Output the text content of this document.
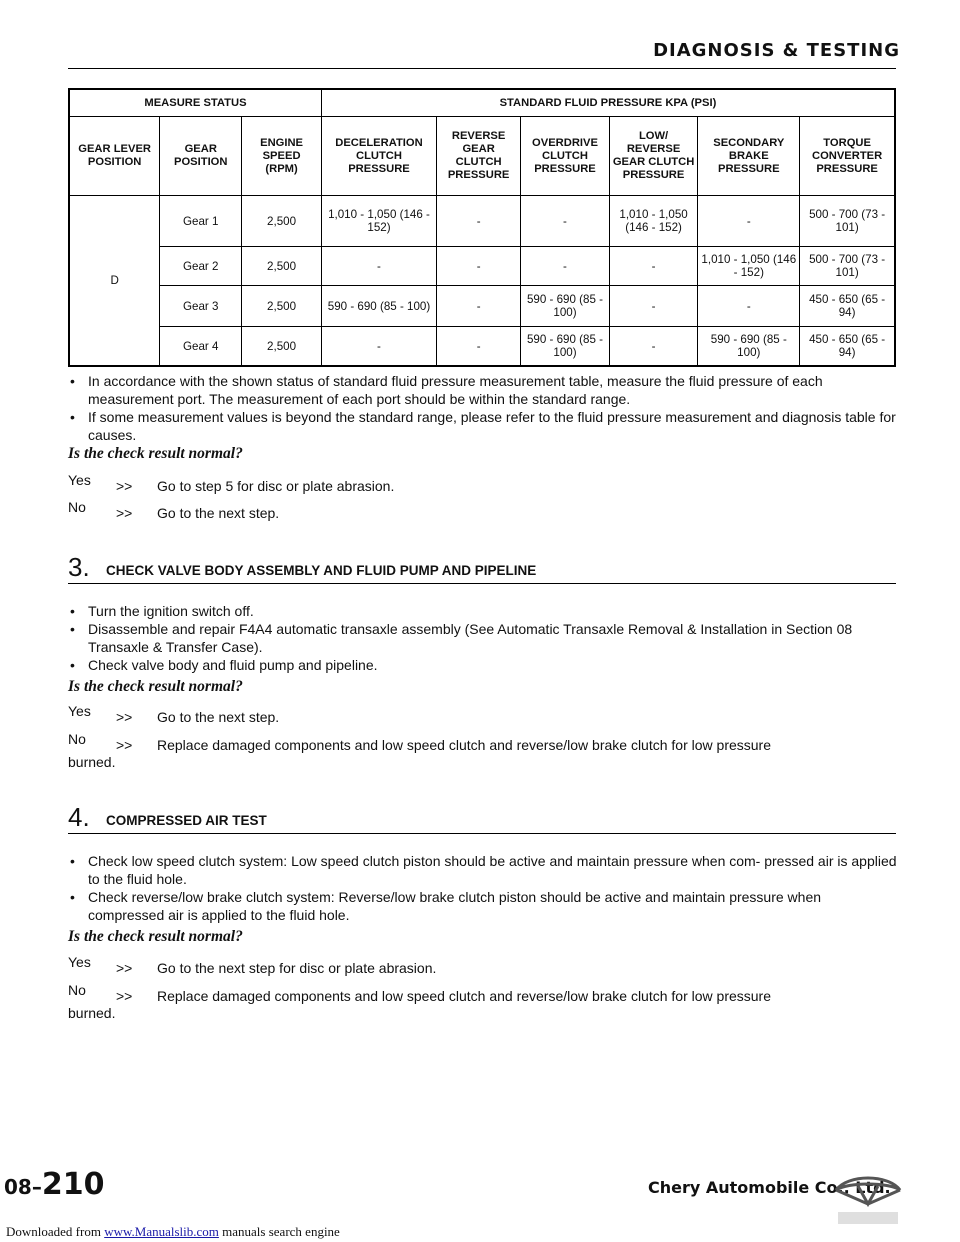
DIAGNOSIS & TESTING
MEASURE STATUS			STANDARD FLUID PRESSURE KPA (PSI)					
GEAR LEVER POSITION	GEAR POSITION	ENGINE SPEED (RPM)	DECELERATION CLUTCH PRESSURE	REVERSE GEAR CLUTCH PRESSURE	OVERDRIVE CLUTCH PRESSURE	LOW/ REVERSE GEAR CLUTCH PRESSURE	SECONDARY BRAKE PRESSURE	TORQUE CONVERTER PRESSURE
D	Gear 1	2,500	1,010 - 1,050 (146 - 152)	-	-	1,010 - 1,050 (146 - 152)	-	500 - 700 (73 - 101)
	Gear 2	2,500	-	-	-	-	1,010 - 1,050 (146 - 152)	500 - 700 (73 - 101)
	Gear 3	2,500	590 - 690 (85 - 100)	-	590 - 690 (85 - 100)	-	-	450 - 650 (65 - 94)
	Gear 4	2,500	-	-	590 - 690 (85 - 100)	-	590 - 690 (85 - 100)	450 - 650 (65 - 94)
• In accordance with the shown status of standard fluid pressure measurement table, measure the fluid pressure of each measurement port. The measurement of each port should be within the standard range.
• If some measurement values is beyond the standard range, please refer to the fluid pressure measurement and diagnosis table for causes.
Is the check result normal?
Yes >> Go to step 5 for disc or plate abrasion.
No >> Go to the next step.
3. CHECK VALVE BODY ASSEMBLY AND FLUID PUMP AND PIPELINE
• Turn the ignition switch off.
• Disassemble and repair F4A4 automatic transaxle assembly (See Automatic Transaxle Removal & Installation in Section 08 Transaxle & Transfer Case).
• Check valve body and fluid pump and pipeline.
Is the check result normal?
Yes >> Go to the next step.
No >> Replace damaged components and low speed clutch and reverse/low brake clutch for low pressure
burned.
4. COMPRESSED AIR TEST
• Check low speed clutch system: Low speed clutch piston should be active and maintain pressure when com- pressed air is applied to the fluid hole.
• Check reverse/low brake clutch system: Reverse/low brake clutch piston should be active and maintain pressure when compressed air is applied to the fluid hole.
Is the check result normal?
Yes >> Go to the next step for disc or plate abrasion.
No >> Replace damaged components and low speed clutch and reverse/low brake clutch for low pressure
burned.
08–210	Chery Automobile Co., Ltd.
Downloaded from www.Manualslib.com manuals search engine
